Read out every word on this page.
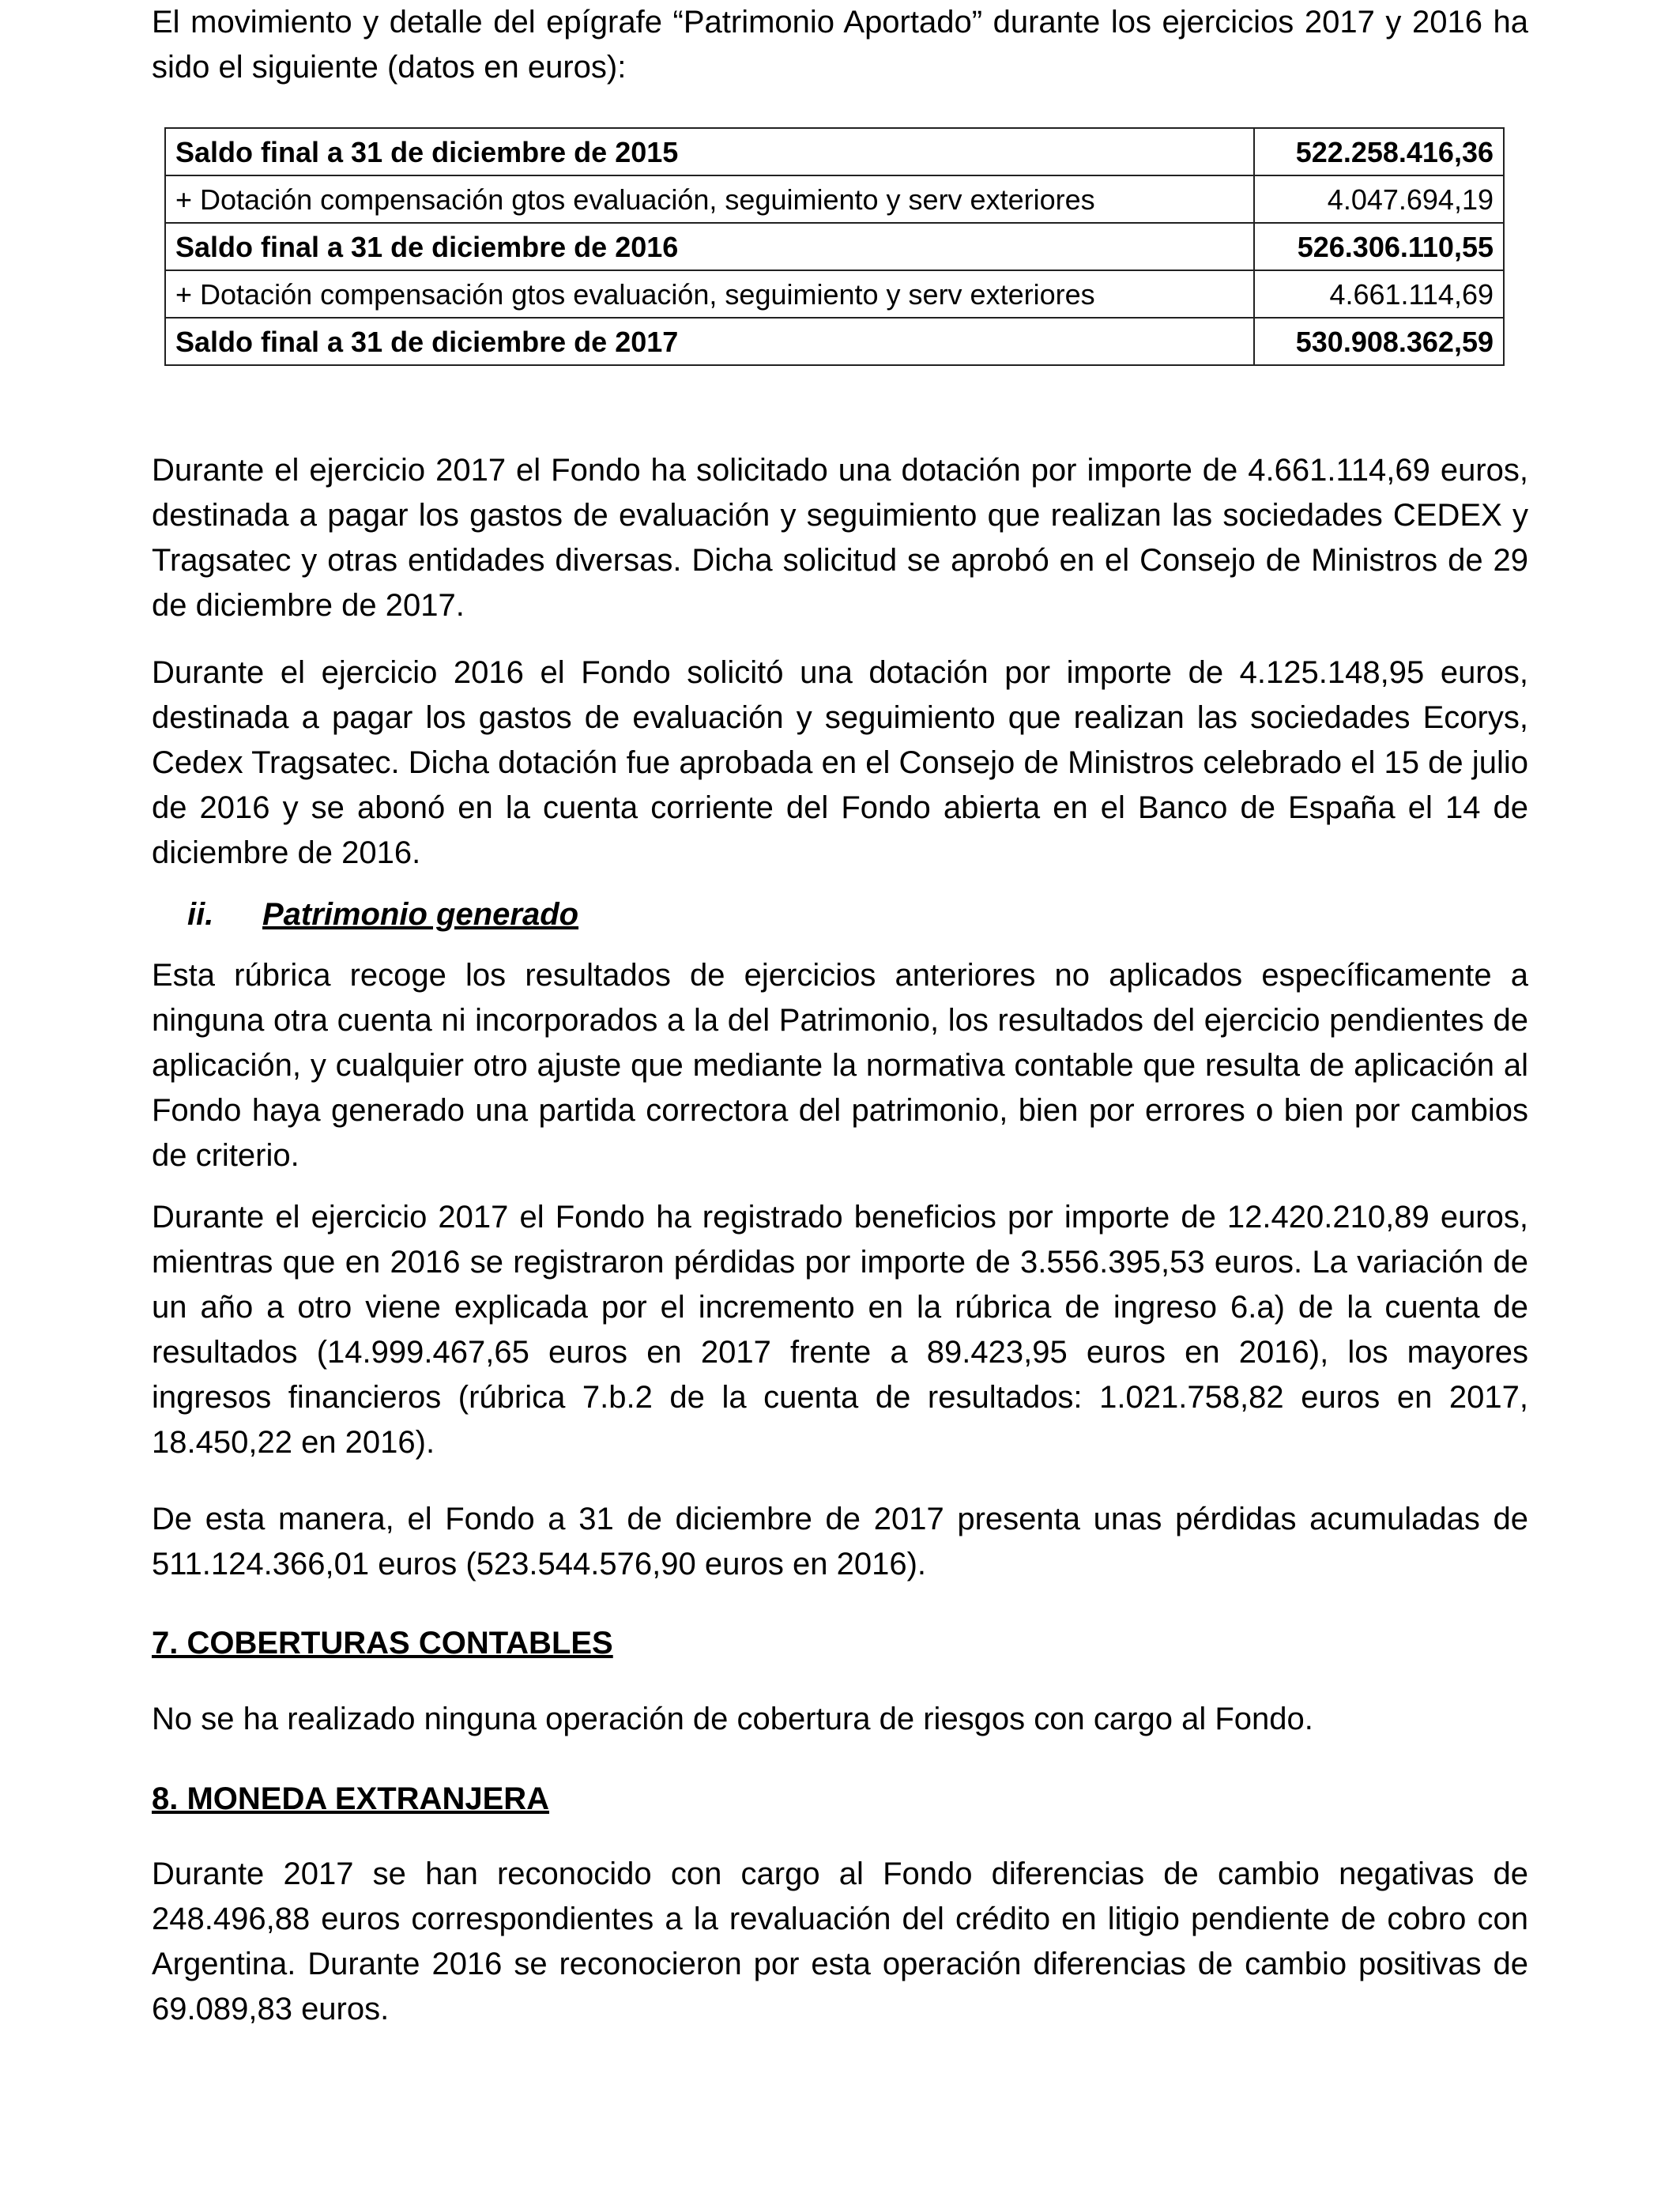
El movimiento y detalle del epígrafe “Patrimonio Aportado” durante los ejercicios 2017 y 2016 ha sido el siguiente (datos en euros):

Saldo final a 31 de diciembre de 2015	522.258.416,36
+ Dotación compensación gtos evaluación, seguimiento y serv exteriores	4.047.694,19
Saldo final a 31 de diciembre de 2016	526.306.110,55
+ Dotación compensación gtos evaluación, seguimiento y serv exteriores	4.661.114,69
Saldo final a 31 de diciembre de 2017	530.908.362,59

Durante el ejercicio 2017 el Fondo ha solicitado una dotación por importe de 4.661.114,69 euros, destinada a pagar los gastos de evaluación y seguimiento que realizan las sociedades CEDEX y Tragsatec y otras entidades diversas. Dicha solicitud se aprobó en el Consejo de Ministros de 29 de diciembre de 2017.

Durante el ejercicio 2016 el Fondo solicitó una dotación por importe de 4.125.148,95 euros, destinada a pagar los gastos de evaluación y seguimiento que realizan las sociedades Ecorys, Cedex Tragsatec. Dicha dotación fue aprobada en el Consejo de Ministros celebrado el 15 de julio de 2016 y se abonó en la cuenta corriente del Fondo abierta en el Banco de España el 14 de diciembre de 2016.

ii. Patrimonio generado

Esta rúbrica recoge los resultados de ejercicios anteriores no aplicados específicamente a ninguna otra cuenta ni incorporados a la del Patrimonio, los resultados del ejercicio pendientes de aplicación, y cualquier otro ajuste que mediante la normativa contable que resulta de aplicación al Fondo haya generado una partida correctora del patrimonio, bien por errores o bien por cambios de criterio.

Durante el ejercicio 2017 el Fondo ha registrado beneficios por importe de 12.420.210,89 euros, mientras que en 2016 se registraron pérdidas por importe de 3.556.395,53 euros. La variación de un año a otro viene explicada por el incremento en la rúbrica de ingreso 6.a) de la cuenta de resultados (14.999.467,65 euros en 2017 frente a 89.423,95 euros en 2016), los mayores ingresos financieros (rúbrica 7.b.2 de la cuenta de resultados: 1.021.758,82 euros en 2017, 18.450,22 en 2016).

De esta manera, el Fondo a 31 de diciembre de 2017 presenta unas pérdidas acumuladas de 511.124.366,01 euros (523.544.576,90 euros en 2016).

7. COBERTURAS CONTABLES

No se ha realizado ninguna operación de cobertura de riesgos con cargo al Fondo.

8. MONEDA EXTRANJERA

Durante 2017 se han reconocido con cargo al Fondo diferencias de cambio negativas de 248.496,88 euros correspondientes a la revaluación del crédito en litigio pendiente de cobro con Argentina. Durante 2016 se reconocieron por esta operación diferencias de cambio positivas de 69.089,83 euros.
